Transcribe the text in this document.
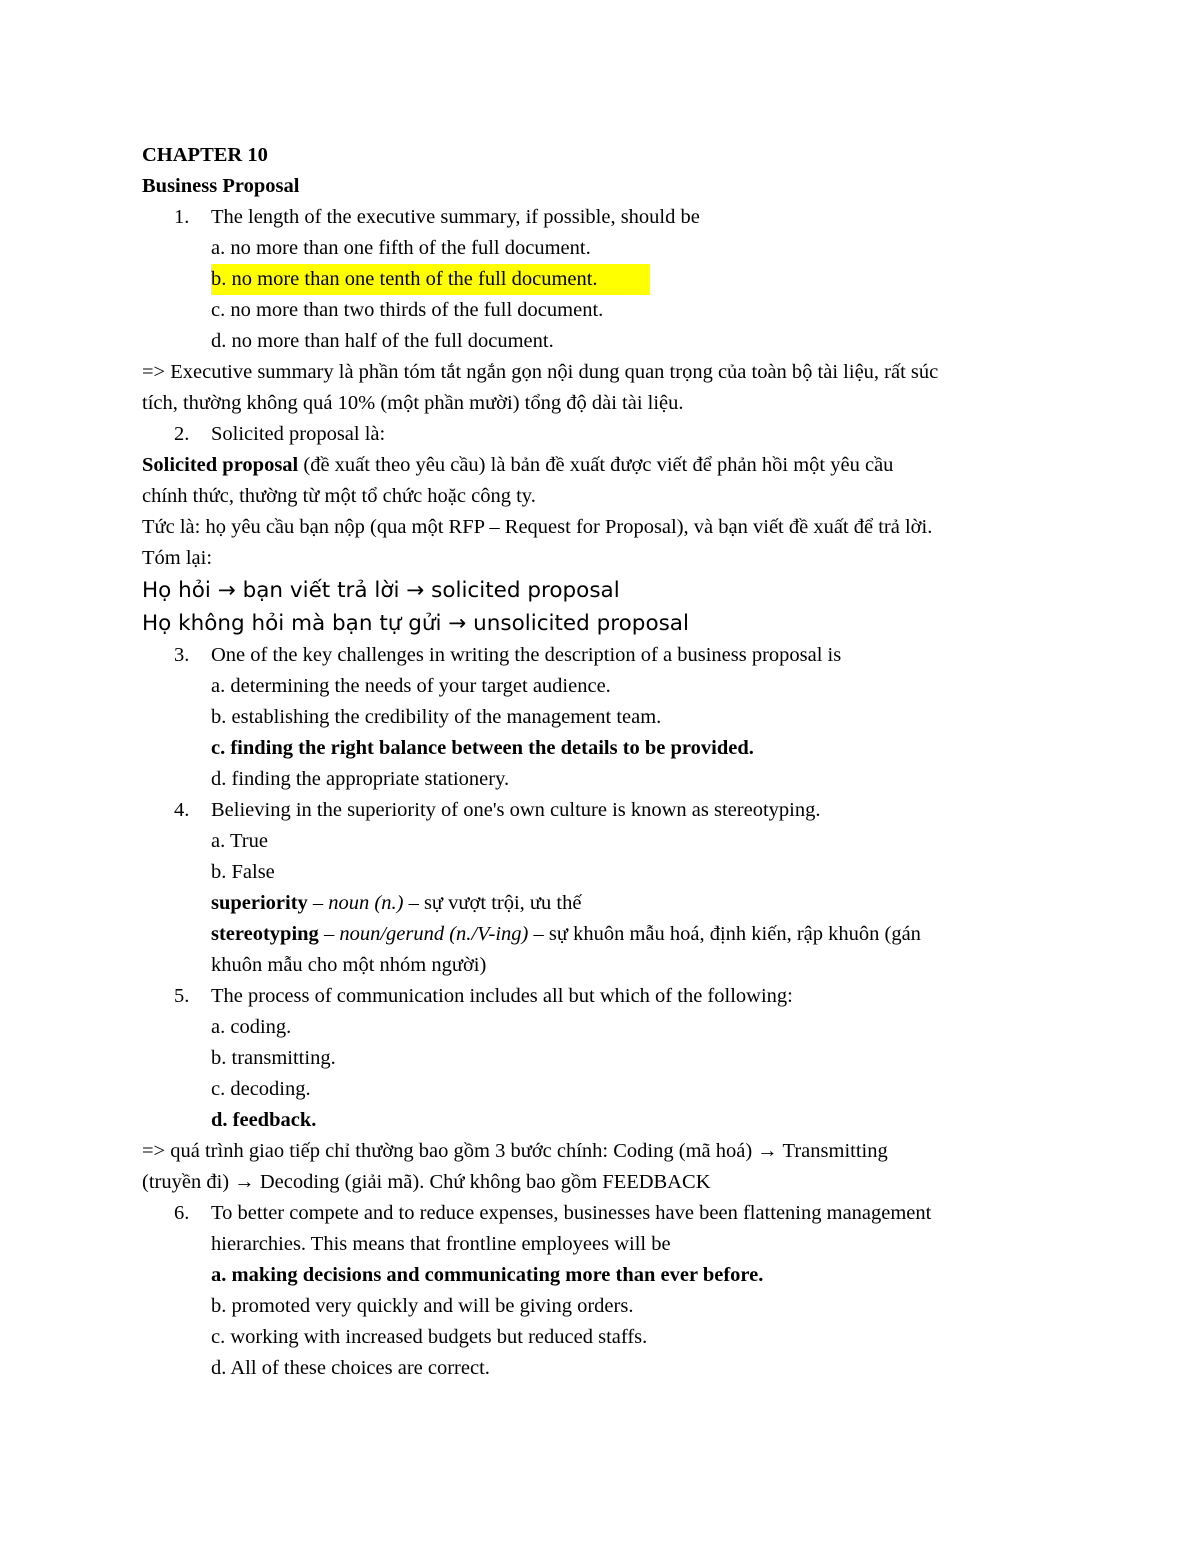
CHAPTER 10
Business Proposal
1. The length of the executive summary, if possible, should be
a. no more than one fifth of the full document.
b. no more than one tenth of the full document.
c. no more than two thirds of the full document.
d. no more than half of the full document.
=> Executive summary là phần tóm tắt ngắn gọn nội dung quan trọng của toàn bộ tài liệu, rất súc
tích, thường không quá 10% (một phần mười) tổng độ dài tài liệu.
2. Solicited proposal là:
Solicited proposal (đề xuất theo yêu cầu) là bản đề xuất được viết để phản hồi một yêu cầu
chính thức, thường từ một tổ chức hoặc công ty.
Tức là: họ yêu cầu bạn nộp (qua một RFP – Request for Proposal), và bạn viết đề xuất để trả lời.
Tóm lại:
Họ hỏi → bạn viết trả lời → solicited proposal
Họ không hỏi mà bạn tự gửi → unsolicited proposal
3. One of the key challenges in writing the description of a business proposal is
a. determining the needs of your target audience.
b. establishing the credibility of the management team.
c. finding the right balance between the details to be provided.
d. finding the appropriate stationery.
4. Believing in the superiority of one's own culture is known as stereotyping.
a. True
b. False
superiority – noun (n.) – sự vượt trội, ưu thế
stereotyping – noun/gerund (n./V-ing) – sự khuôn mẫu hoá, định kiến, rập khuôn (gán
khuôn mẫu cho một nhóm người)
5. The process of communication includes all but which of the following:
a. coding.
b. transmitting.
c. decoding.
d. feedback.
=> quá trình giao tiếp chỉ thường bao gồm 3 bước chính: Coding (mã hoá) → Transmitting
(truyền đi) → Decoding (giải mã). Chứ không bao gồm FEEDBACK
6. To better compete and to reduce expenses, businesses have been flattening management
hierarchies. This means that frontline employees will be
a. making decisions and communicating more than ever before.
b. promoted very quickly and will be giving orders.
c. working with increased budgets but reduced staffs.
d. All of these choices are correct.
